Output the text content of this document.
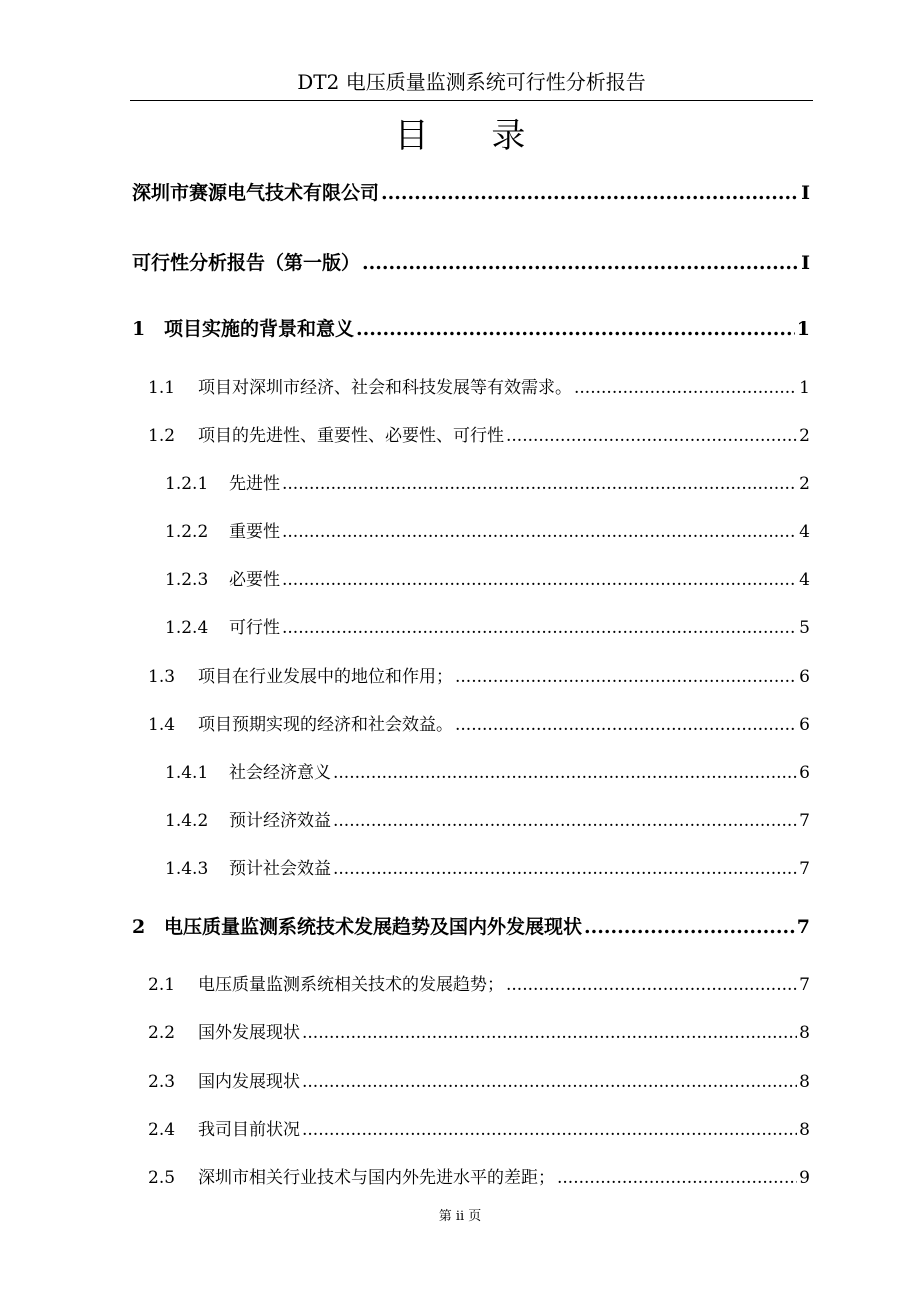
DT2 电压质量监测系统可行性分析报告
目 录
深圳市赛源电气技术有限公司 .....	I
可行性分析报告（第一版） .....	I
1 项目实施的背景和意义 .....	1
1.1	项目对深圳市经济、社会和科技发展等有效需求。 .....	1
1.2	项目的先进性、重要性、必要性、可行性 .....	2
1.2.1	先进性 .....	2
1.2.2	重要性 .....	4
1.2.3	必要性 .....	4
1.2.4	可行性 .....	5
1.3	项目在行业发展中的地位和作用； .....	6
1.4	项目预期实现的经济和社会效益。 .....	6
1.4.1	社会经济意义 .....	6
1.4.2	预计经济效益 .....	7
1.4.3	预计社会效益 .....	7
2 电压质量监测系统技术发展趋势及国内外发展现状 .....	7
2.1	电压质量监测系统相关技术的发展趋势； .....	7
2.2	国外发展现状 .....	8
2.3	国内发展现状 .....	8
2.4	我司目前状况 .....	8
2.5	深圳市相关行业技术与国内外先进水平的差距； .....	9
第 ii 页
